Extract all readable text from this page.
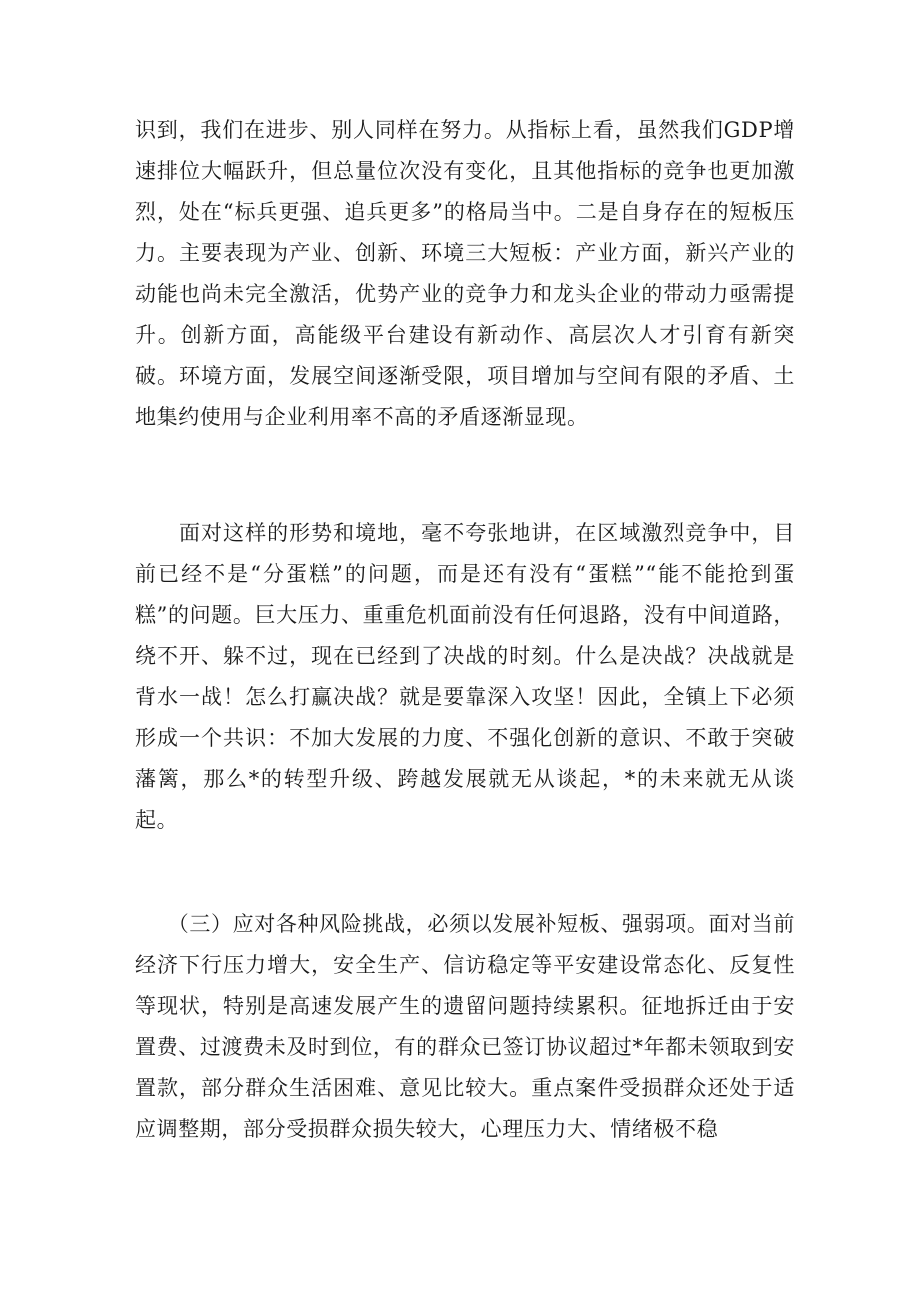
识到，我们在进步、别人同样在努力。从指标上看，虽然我们GDP增速排位大幅跃升，但总量位次没有变化，且其他指标的竞争也更加激烈，处在“标兵更强、追兵更多”的格局当中。二是自身存在的短板压力。主要表现为产业、创新、环境三大短板：产业方面，新兴产业的动能也尚未完全激活，优势产业的竞争力和龙头企业的带动力亟需提升。创新方面，高能级平台建设有新动作、高层次人才引育有新突破。环境方面，发展空间逐渐受限，项目增加与空间有限的矛盾、土地集约使用与企业利用率不高的矛盾逐渐显现。

　　面对这样的形势和境地，毫不夸张地讲，在区域激烈竞争中，目前已经不是“分蛋糕”的问题，而是还有没有“蛋糕”“能不能抢到蛋糕”的问题。巨大压力、重重危机面前没有任何退路，没有中间道路，绕不开、躲不过，现在已经到了决战的时刻。什么是决战？决战就是背水一战！怎么打赢决战？就是要靠深入攻坚！因此，全镇上下必须形成一个共识：不加大发展的力度、不强化创新的意识、不敢于突破藩篱，那么*的转型升级、跨越发展就无从谈起，*的未来就无从谈起。

　　（三）应对各种风险挑战，必须以发展补短板、强弱项。面对当前经济下行压力增大，安全生产、信访稳定等平安建设常态化、反复性等现状，特别是高速发展产生的遗留问题持续累积。征地拆迁由于安置费、过渡费未及时到位，有的群众已签订协议超过*年都未领取到安置款，部分群众生活困难、意见比较大。重点案件受损群众还处于适应调整期，部分受损群众损失较大，心理压力大、情绪极不稳
